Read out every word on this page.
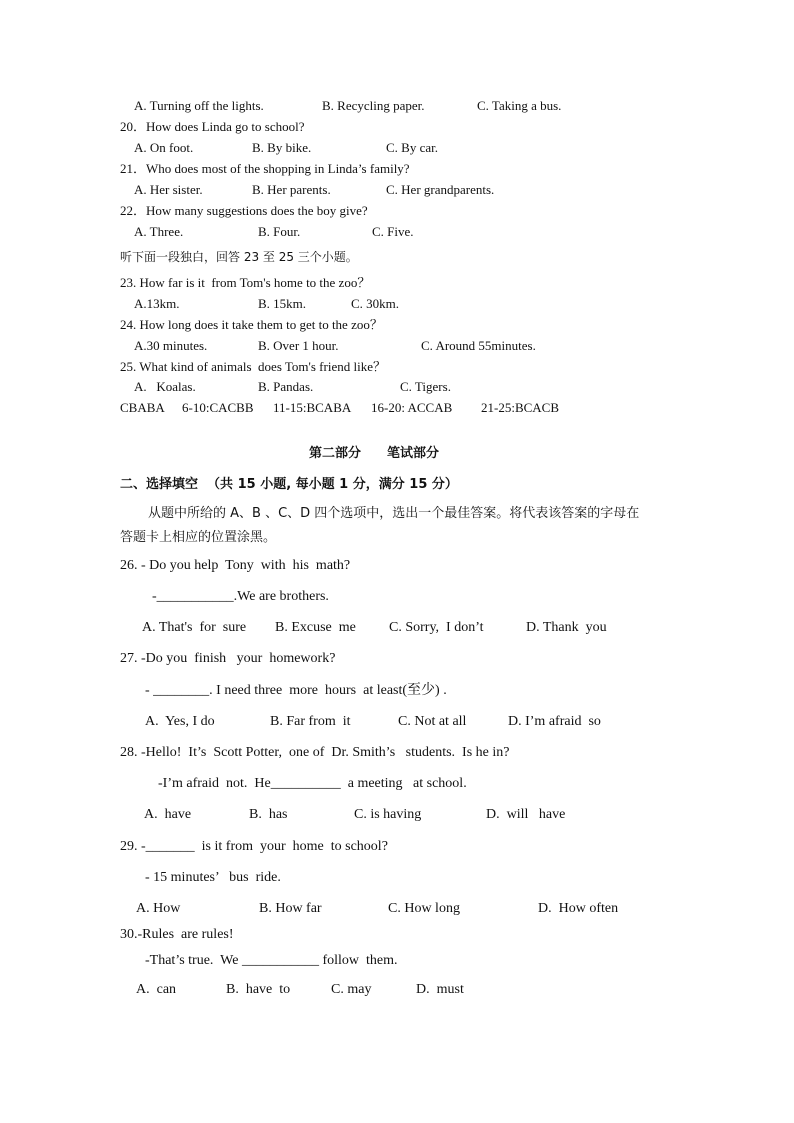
A. Turning off the lights.	B. Recycling paper.	C. Taking a bus.
20．How does Linda go to school?
A. On foot.	B. By bike.	C. By car.
21．Who does most of the shopping in Linda’s family?
A. Her sister.	B. Her parents.	C. Her grandparents.
22．How many suggestions does the boy give?
A. Three.	B. Four.	C. Five.
听下面一段独白，回答 23 至 25 三个小题。
23. How far is it  from Tom's home to the zoo？
A.13km.	B. 15km.	C. 30km.
24. How long does it take them to get to the zoo？
A.30 minutes.	B. Over 1 hour.	C. Around 55minutes.
25. What kind of animals  does Tom's friend like？
A.   Koalas.	B. Pandas.	C. Tigers.
CBABA 6-10:CACBB 11-15:BCABA 16-20: ACCAB 21-25:BCACB
第二部分 笔试部分
二、选择填空  （共 15 小题, 每小题 1 分，满分 15 分）
从题中所给的 A、B 、C、D 四个选项中，选出一个最佳答案。将代表该答案的字母在
答题卡上相应的位置涂黑。
26. - Do you help  Tony  with  his  math?
-___________.We are brothers.
A. That's  for  sure B. Excuse  me C. Sorry,  I don’t	D. Thank  you
27. -Do you  finish   your  homework?
- ________. I need three  more  hours  at least(至少) .
A.  Yes, I do	B. Far from  it	C. Not at all	D. I’m afraid  so
28. -Hello!  It’s  Scott Potter,  one of  Dr. Smith’s   students.  Is he in?
-I’m afraid  not.  He__________  a meeting   at school.
A.  have	B.  has	C. is having	D.  will   have
29. -_______  is it from  your  home  to school?
- 15 minutes’   bus  ride.
A. How	B. How far	C. How long	D.  How often
30.-Rules  are rules!
-That’s true.  We ___________ follow  them.
A.  can	B.  have  to	C. may	D.  must
